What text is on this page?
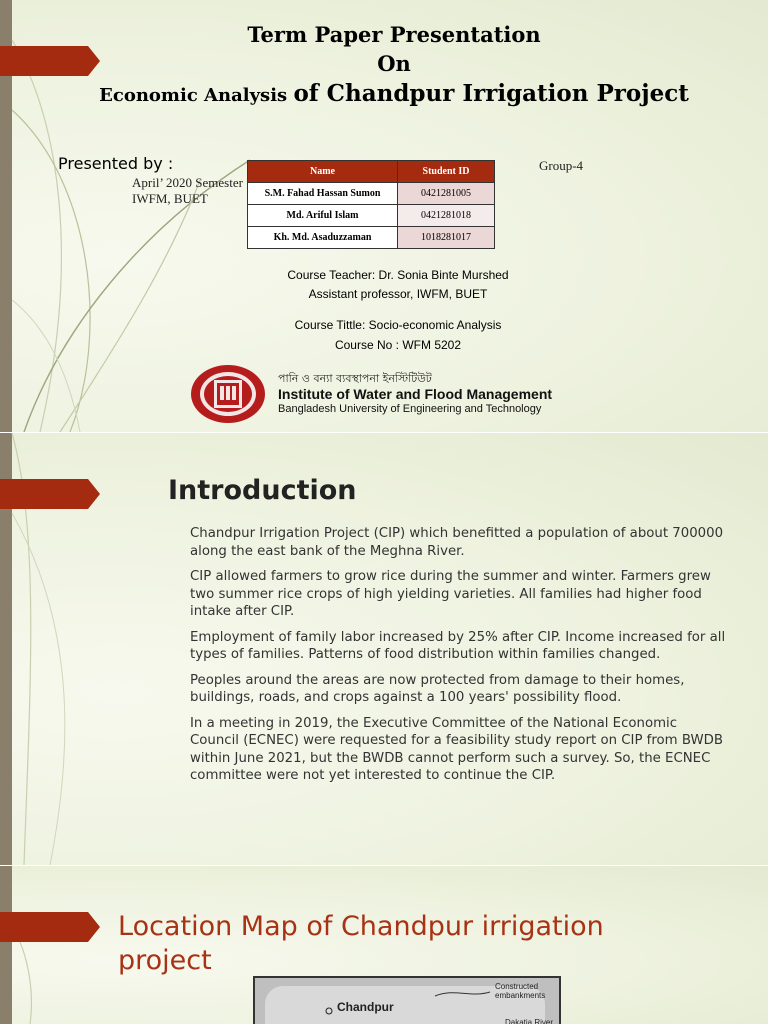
Term Paper Presentation
On
Economic Analysis of Chandpur Irrigation Project
Presented by :
April’ 2020 Semester
IWFM, BUET
Group-4
Name	Student ID
S.M. Fahad Hassan Sumon	0421281005
Md. Ariful Islam	0421281018
Kh. Md. Asaduzzaman	1018281017
Course Teacher: Dr. Sonia Binte Murshed
Assistant professor, IWFM, BUET
Course Tittle: Socio-economic Analysis
Course No : WFM 5202
পানি ও বন্যা ব্যবস্থাপনা ইনস্টিটিউট
Institute of Water and Flood Management
Bangladesh University of Engineering and Technology
Introduction
Chandpur Irrigation Project (CIP) which benefitted a population of about 700000 along the east bank of the Meghna River.
CIP allowed farmers to grow rice during the summer and winter. Farmers grew two summer rice crops of high yielding varieties. All families had higher food intake after CIP.
Employment of family labor increased by 25% after CIP. Income increased for all types of families. Patterns of food distribution within families changed.
Peoples around the areas are now protected from damage to their homes, buildings, roads, and crops against a 100 years' possibility flood.
In a meeting in 2019, the Executive Committee of the National Economic Council (ECNEC) were requested for a feasibility study report on CIP from BWDB within June 2021, but the BWDB cannot perform such a survey. So, the ECNEC committee were not yet interested to continue the CIP.
Location Map of Chandpur irrigation project
Chandpur
Constructed embankments
Dakatia River
